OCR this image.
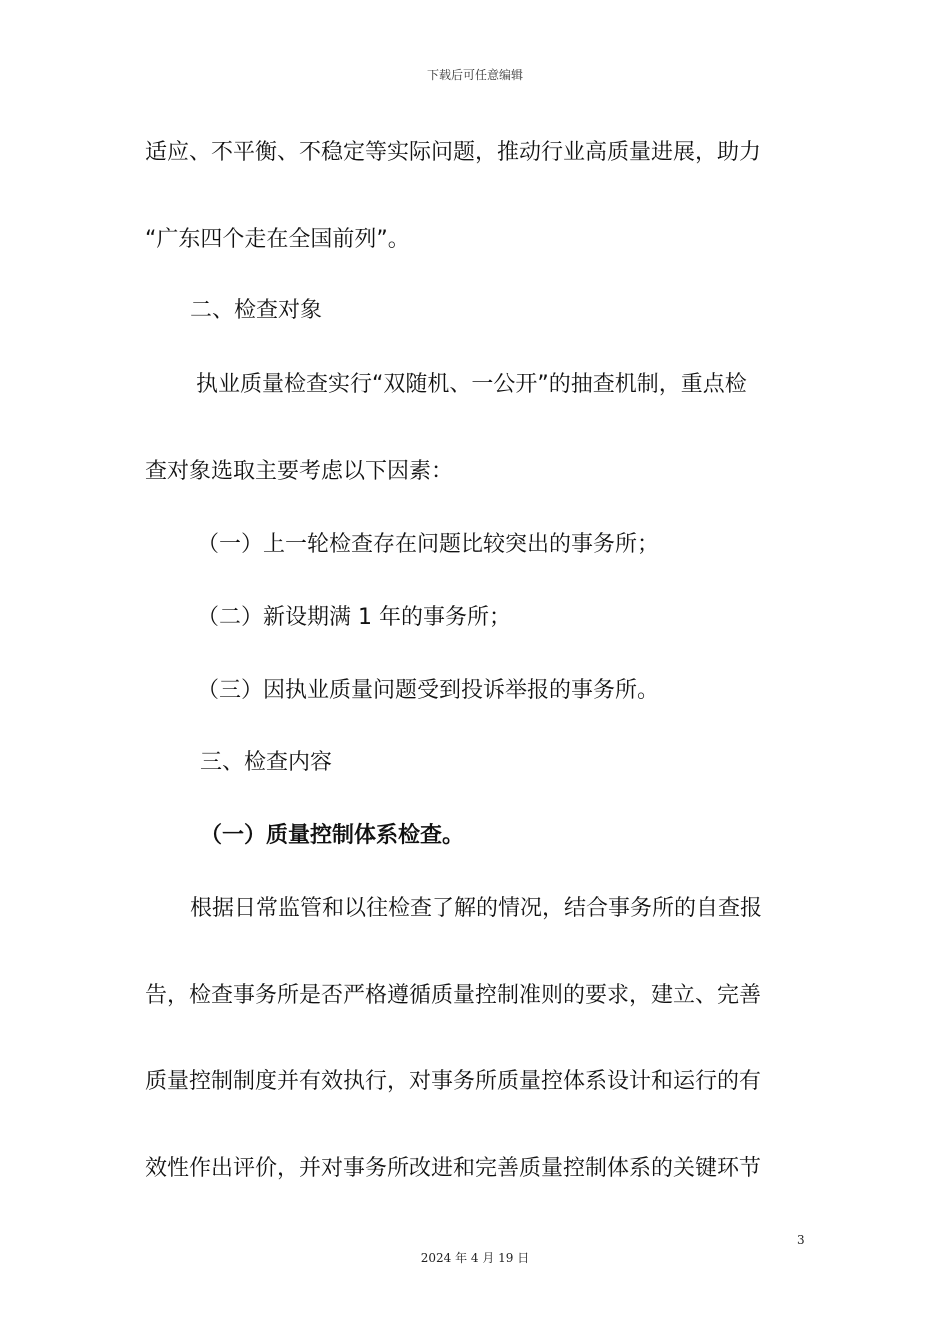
下载后可任意编辑
适应、不平衡、不稳定等实际问题，推动行业高质量进展，助力
“广东四个走在全国前列”。
二、检查对象
执业质量检查实行“双随机、一公开”的抽查机制，重点检
查对象选取主要考虑以下因素：
（一）上一轮检查存在问题比较突出的事务所；
（二）新设期满 1 年的事务所；
（三）因执业质量问题受到投诉举报的事务所。
三、检查内容
（一）质量控制体系检查。
根据日常监管和以往检查了解的情况，结合事务所的自查报
告，检查事务所是否严格遵循质量控制准则的要求，建立、完善
质量控制制度并有效执行，对事务所质量控体系设计和运行的有
效性作出评价，并对事务所改进和完善质量控制体系的关键环节
3
2024 年 4 月 19 日
